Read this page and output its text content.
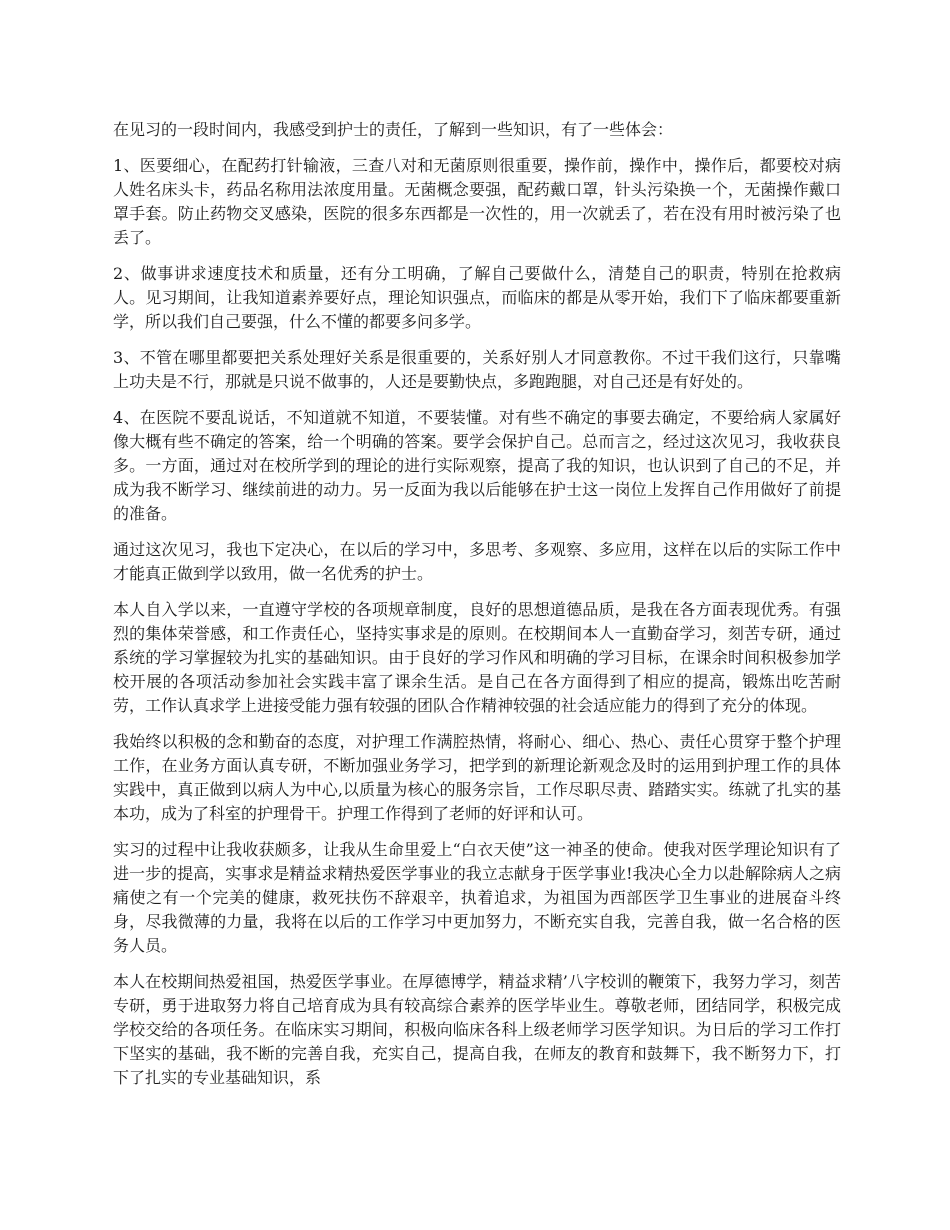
在见习的一段时间内，我感受到护士的责任，了解到一些知识，有了一些体会：

1、医要细心，在配药打针输液，三查八对和无菌原则很重要，操作前，操作中，操作后，都要校对病人姓名床头卡，药品名称用法浓度用量。无菌概念要强，配药戴口罩，针头污染换一个，无菌操作戴口罩手套。防止药物交叉感染，医院的很多东西都是一次性的，用一次就丢了，若在没有用时被污染了也丢了。

2、做事讲求速度技术和质量，还有分工明确，了解自己要做什么，清楚自己的职责，特别在抢救病人。见习期间，让我知道素养要好点，理论知识强点，而临床的都是从零开始，我们下了临床都要重新学，所以我们自己要强，什么不懂的都要多问多学。

3、不管在哪里都要把关系处理好关系是很重要的，关系好别人才同意教你。不过干我们这行，只靠嘴上功夫是不行，那就是只说不做事的，人还是要勤快点，多跑跑腿，对自己还是有好处的。

4、在医院不要乱说话，不知道就不知道，不要装懂。对有些不确定的事要去确定，不要给病人家属好像大概有些不确定的答案，给一个明确的答案。要学会保护自己。总而言之，经过这次见习，我收获良多。一方面，通过对在校所学到的理论的进行实际观察，提高了我的知识，也认识到了自己的不足，并成为我不断学习、继续前进的动力。另一反面为我以后能够在护士这一岗位上发挥自己作用做好了前提的准备。

通过这次见习，我也下定决心，在以后的学习中，多思考、多观察、多应用，这样在以后的实际工作中才能真正做到学以致用，做一名优秀的护士。

本人自入学以来，一直遵守学校的各项规章制度，良好的思想道德品质，是我在各方面表现优秀。有强烈的集体荣誉感，和工作责任心，坚持实事求是的原则。在校期间本人一直勤奋学习，刻苦专研，通过系统的学习掌握较为扎实的基础知识。由于良好的学习作风和明确的学习目标，在课余时间积极参加学校开展的各项活动参加社会实践丰富了课余生活。是自己在各方面得到了相应的提高，锻炼出吃苦耐劳，工作认真求学上进接受能力强有较强的团队合作精神较强的社会适应能力的得到了充分的体现。

我始终以积极的念和勤奋的态度，对护理工作满腔热情，将耐心、细心、热心、责任心贯穿于整个护理工作，在业务方面认真专研，不断加强业务学习，把学到的新理论新观念及时的运用到护理工作的具体实践中，真正做到以病人为中心,以质量为核心的服务宗旨，工作尽职尽责、踏踏实实。练就了扎实的基本功，成为了科室的护理骨干。护理工作得到了老师的好评和认可。

实习的过程中让我收获颇多，让我从生命里爱上“白衣天使”这一神圣的使命。使我对医学理论知识有了进一步的提高，实事求是精益求精热爱医学事业的我立志献身于医学事业!我决心全力以赴解除病人之病痛使之有一个完美的健康，救死扶伤不辞艰辛，执着追求，为祖国为西部医学卫生事业的进展奋斗终身，尽我微薄的力量，我将在以后的工作学习中更加努力，不断充实自我，完善自我，做一名合格的医务人员。

本人在校期间热爱祖国，热爱医学事业。在厚德博学，精益求精’八字校训的鞭策下，我努力学习，刻苦专研，勇于进取努力将自己培育成为具有较高综合素养的医学毕业生。尊敬老师，团结同学，积极完成学校交给的各项任务。在临床实习期间，积极向临床各科上级老师学习医学知识。为日后的学习工作打下坚实的基础，我不断的完善自我，充实自己，提高自我，在师友的教育和鼓舞下，我不断努力下，打下了扎实的专业基础知识，系
